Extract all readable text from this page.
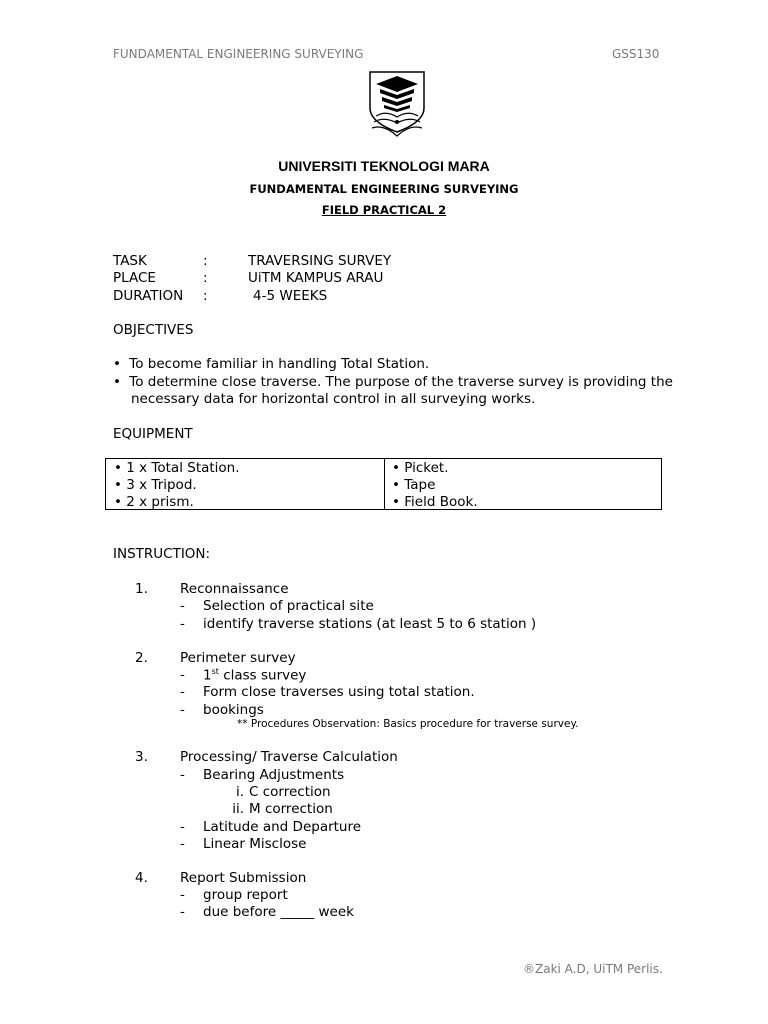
FUNDAMENTAL ENGINEERING SURVEYING	GSS130
UNIVERSITI TEKNOLOGI MARA
FUNDAMENTAL ENGINEERING SURVEYING
FIELD PRACTICAL 2
TASK	:	TRAVERSING SURVEY
PLACE	:	UiTM KAMPUS ARAU
DURATION :	4-5 WEEKS
OBJECTIVES
• To become familiar in handling Total Station.
• To determine close traverse. The purpose of the traverse survey is providing the
necessary data for horizontal control in all surveying works.
EQUIPMENT
• 1 x Total Station.
• 3 x Tripod.
• 2 x prism.
• Picket.
• Tape
• Field Book.
INSTRUCTION:
1. Reconnaissance
- Selection of practical site
- identify traverse stations (at least 5 to 6 station )
2. Perimeter survey
- 1st class survey
- Form close traverses using total station.
- bookings
** Procedures Observation: Basics procedure for traverse survey.
3. Processing/ Traverse Calculation
- Bearing Adjustments
i. C correction
ii. M correction
- Latitude and Departure
- Linear Misclose
4. Report Submission
- group report
- due before _____ week
®Zaki A.D, UiTM Perlis.
